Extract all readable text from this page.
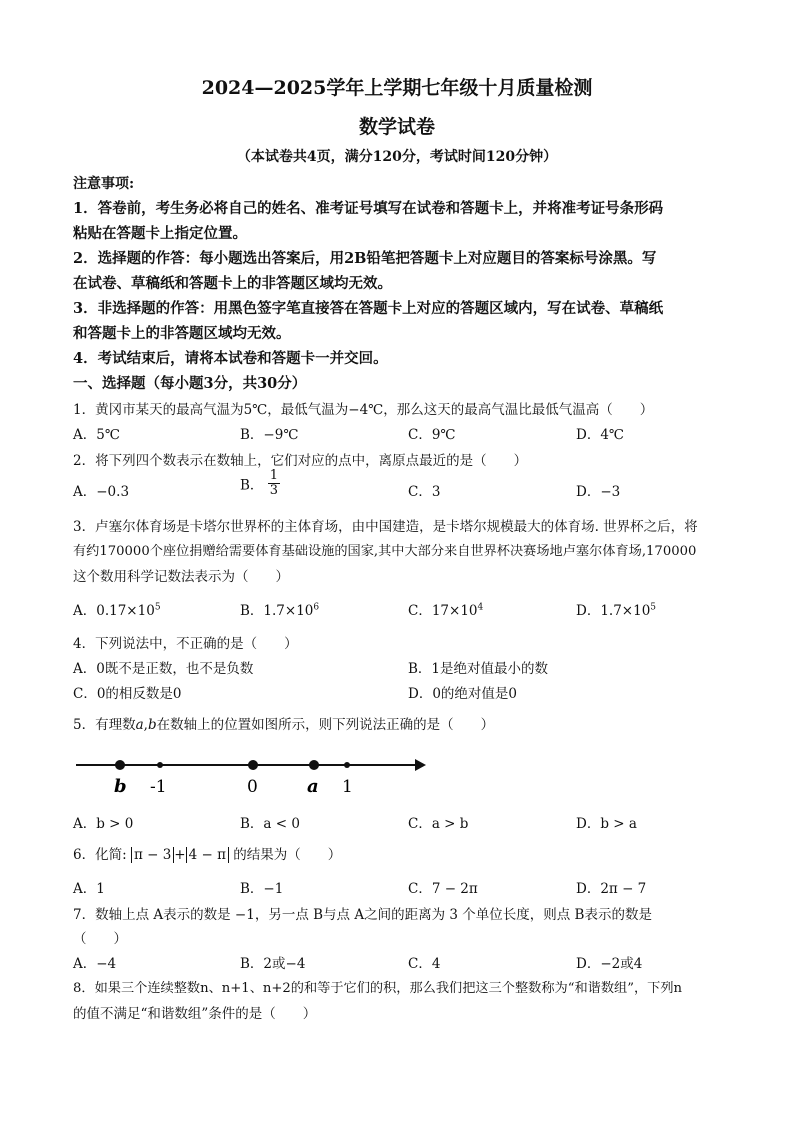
2024—2025学年上学期七年级十月质量检测
数学试卷
（本试卷共4页，满分120分，考试时间120分钟）
注意事项:
1．答卷前，考生务必将自己的姓名、准考证号填写在试卷和答题卡上，并将准考证号条形码
粘贴在答题卡上指定位置。
2．选择题的作答：每小题选出答案后，用2B铅笔把答题卡上对应题目的答案标号涂黑。写
在试卷、草稿纸和答题卡上的非答题区域均无效。
3．非选择题的作答：用黑色签字笔直接答在答题卡上对应的答题区域内，写在试卷、草稿纸
和答题卡上的非答题区域均无效。
4．考试结束后，请将本试卷和答题卡一并交回。
一、选择题（每小题3分，共30分）
1．黄冈市某天的最高气温为5℃，最低气温为−4℃，那么这天的最高气温比最低气温高（　　）
A．5℃	B．−9℃	C．9℃	D．4℃
2．将下列四个数表示在数轴上，它们对应的点中，离原点最近的是（　　）
A．−0.3	B． $\frac{1}{3}$	C．3	D．−3
3．卢塞尔体育场是卡塔尔世界杯的主体育场，由中国建造，是卡塔尔规模最大的体育场. 世界杯之后，将
有约170000个座位捐赠给需要体育基础设施的国家,其中大部分来自世界杯决赛场地卢塞尔体育场,170000
这个数用科学记数法表示为（　　）
A．$0.17\times 10^5$	B．$1.7\times 10^6$	C．$17\times 10^4$	D．$1.7\times 10^5$
4．下列说法中，不正确的是（　　）
A．0既不是正数，也不是负数	B．1是绝对值最小的数
C．0的相反数是0	D．0的绝对值是0
5．有理数a,b在数轴上的位置如图所示，则下列说法正确的是（　　）
b -1	0	a 1
A．b > 0	B．a < 0	C．a > b	D．b > a
6．化简: π − 3 + 4 − π 的结果为（　　）
A．1	B．−1	C．7 − 2π	D．2π − 7
7．数轴上点 A表示的数是 −1，另一点 B与点 A之间的距离为 3 个单位长度，则点 B表示的数是
（　　）
A．−4	B．2或−4	C．4	D．−2或4
8．如果三个连续整数n、n+1、n+2的和等于它们的积，那么我们把这三个整数称为“和谐数组”，下列n
的值不满足“和谐数组”条件的是（　　）
